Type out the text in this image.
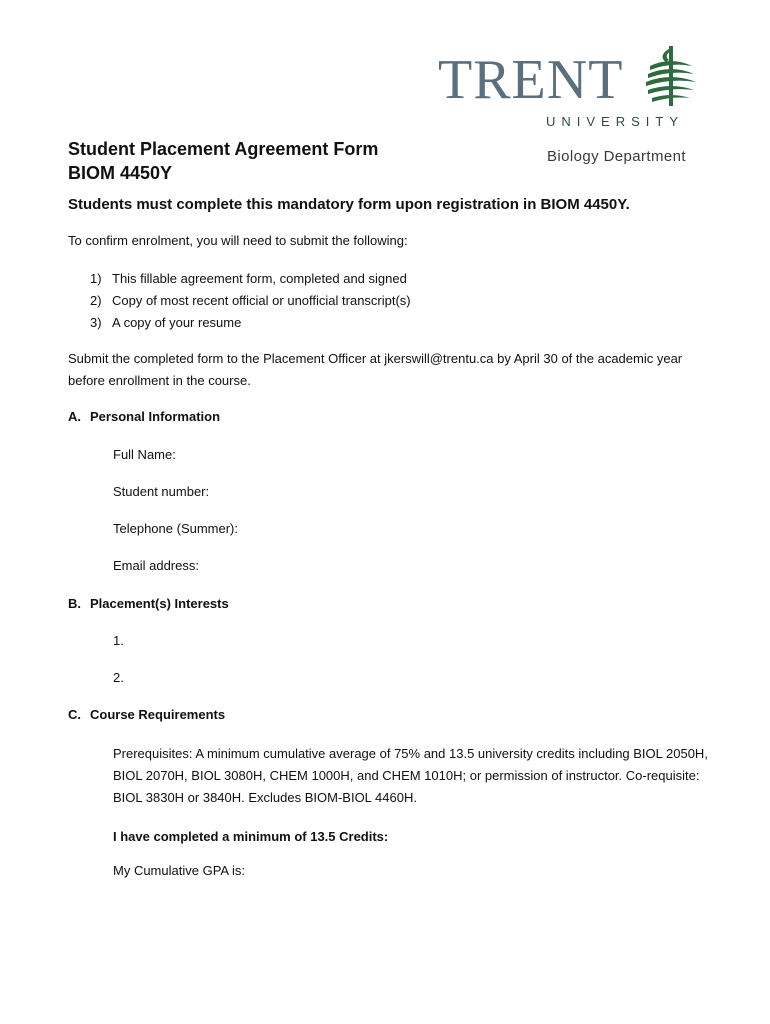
TRENT
UNIVERSITY
Biology Department
Student Placement Agreement Form
BIOM 4450Y
Students must complete this mandatory form upon registration in BIOM 4450Y.
To confirm enrolment, you will need to submit the following:
1) This fillable agreement form, completed and signed
2) Copy of most recent official or unofficial transcript(s)
3) A copy of your resume
Submit the completed form to the Placement Officer at jkerswill@trentu.ca by April 30 of the academic year before enrollment in the course.
A. Personal Information
Full Name:
Student number:
Telephone (Summer):
Email address:
B. Placement(s) Interests
1.
2.
C. Course Requirements
Prerequisites: A minimum cumulative average of 75% and 13.5 university credits including BIOL 2050H, BIOL 2070H, BIOL 3080H, CHEM 1000H, and CHEM 1010H; or permission of instructor. Co-requisite: BIOL 3830H or 3840H. Excludes BIOM-BIOL 4460H.
I have completed a minimum of 13.5 Credits:
My Cumulative GPA is:
